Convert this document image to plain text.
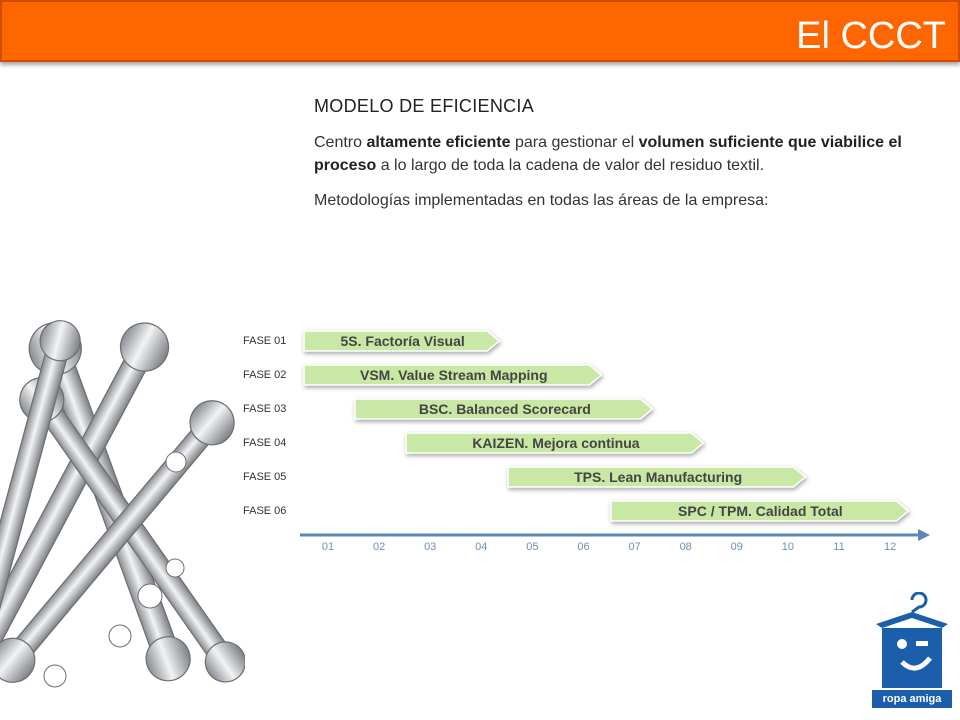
El CCCT
MODELO DE EFICIENCIA

Centro altamente eficiente para gestionar el volumen suficiente que viabilice el proceso a lo largo de toda la cadena de valor del residuo textil.

Metodologías implementadas en todas las áreas de la empresa:

FASE 01	5S. Factoría Visual
FASE 02	VSM. Value Stream Mapping
FASE 03	BSC. Balanced Scorecard
FASE 04	KAIZEN. Mejora continua
FASE 05	TPS. Lean Manufacturing
FASE 06	SPC / TPM. Calidad Total
01	02	03	04	05	06	07	08	09	10	11	12
ropa amiga
